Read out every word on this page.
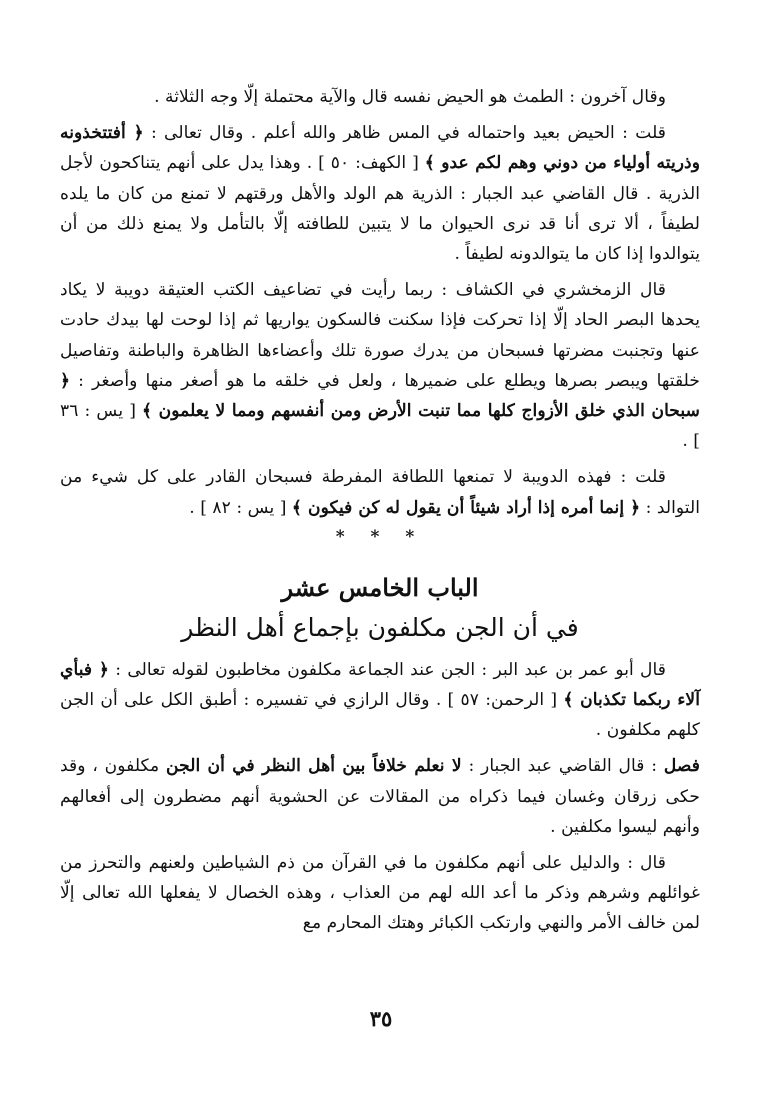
وقال آخرون : الطمث هو الحيض نفسه قال والآية محتملة إلّا وجه الثلاثة .

قلت : الحيض بعيد واحتماله في المس ظاهر والله أعلم . وقال تعالى : ﴿ أفتتخذونه وذريته أولياء من دوني وهم لكم عدو ﴾ [ الكهف: ٥٠ ] . وهذا يدل على أنهم يتناكحون لأجل الذرية . قال القاضي عبد الجبار : الذرية هم الولد والأهل ورقتهم لا تمنع من كان ما يلده لطيفاً ، ألا ترى أنا قد نرى الحيوان ما لا يتبين للطافته إلّا بالتأمل ولا يمنع ذلك من أن يتوالدوا إذا كان ما يتوالدونه لطيفاً .

قال الزمخشري في الكشاف : ربما رأيت في تضاعيف الكتب العتيقة دويبة لا يكاد يحدها البصر الحاد إلّا إذا تحركت فإذا سكنت فالسكون يواريها ثم إذا لوحت لها بيدك حادت عنها وتجنبت مضرتها فسبحان من يدرك صورة تلك وأعضاءها الظاهرة والباطنة وتفاصيل خلقتها ويبصر بصرها ويطلع على ضميرها ، ولعل في خلقه ما هو أصغر منها وأصغر : ﴿ سبحان الذي خلق الأزواج كلها مما تنبت الأرض ومن أنفسهم ومما لا يعلمون ﴾ [ يس : ٣٦ ] .

قلت : فهذه الدويبة لا تمنعها اللطافة المفرطة فسبحان القادر على كل شيء من التوالد : ﴿ إنما أمره إذا أراد شيئاً أن يقول له كن فيكون ﴾ [ يس : ٨٢ ] .

* * *
الباب الخامس عشر
في أن الجن مكلفون بإجماع أهل النظر

قال أبو عمر بن عبد البر : الجن عند الجماعة مكلفون مخاطبون لقوله تعالى : ﴿ فبأي آلاء ربكما تكذبان ﴾ [ الرحمن: ٥٧ ] . وقال الرازي في تفسيره : أطبق الكل على أن الجن كلهم مكلفون .

فصل : قال القاضي عبد الجبار : لا نعلم خلافاً بين أهل النظر في أن الجن مكلفون ، وقد حكى زرقان وغسان فيما ذكراه من المقالات عن الحشوية أنهم مضطرون إلى أفعالهم وأنهم ليسوا مكلفين .

قال : والدليل على أنهم مكلفون ما في القرآن من ذم الشياطين ولعنهم والتحرز من غوائلهم وشرهم وذكر ما أعد الله لهم من العذاب ، وهذه الخصال لا يفعلها الله تعالى إلّا لمن خالف الأمر والنهي وارتكب الكبائر وهتك المحارم مع

٣٥
